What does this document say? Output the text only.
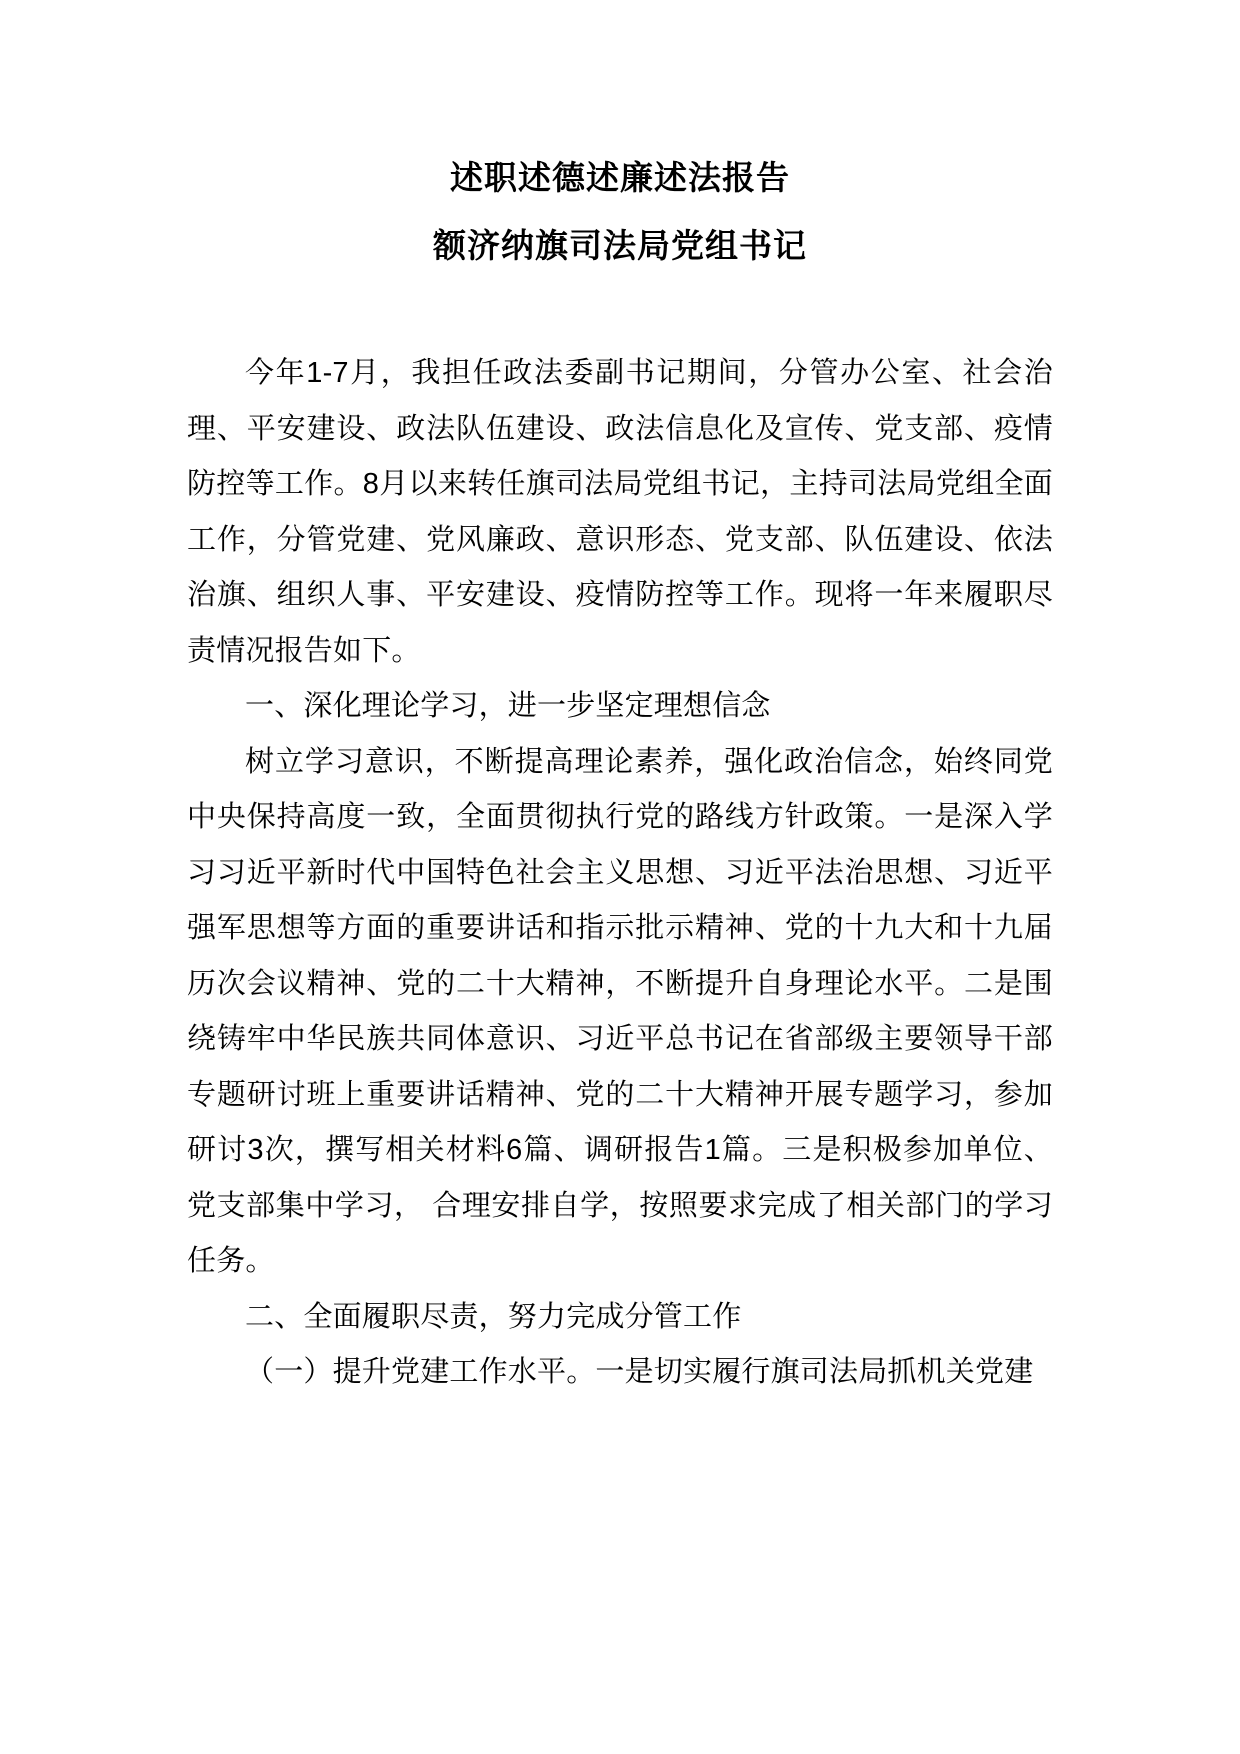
述职述德述廉述法报告
额济纳旗司法局党组书记

今年1-7月，我担任政法委副书记期间，分管办公室、社会治理、平安建设、政法队伍建设、政法信息化及宣传、党支部、疫情防控等工作。8月以来转任旗司法局党组书记，主持司法局党组全面工作，分管党建、党风廉政、意识形态、党支部、队伍建设、依法治旗、组织人事、平安建设、疫情防控等工作。现将一年来履职尽责情况报告如下。

一、深化理论学习，进一步坚定理想信念

树立学习意识，不断提高理论素养，强化政治信念，始终同党中央保持高度一致，全面贯彻执行党的路线方针政策。一是深入学习习近平新时代中国特色社会主义思想、习近平法治思想、习近平强军思想等方面的重要讲话和指示批示精神、党的十九大和十九届历次会议精神、党的二十大精神，不断提升自身理论水平。二是围绕铸牢中华民族共同体意识、习近平总书记在省部级主要领导干部专题研讨班上重要讲话精神、党的二十大精神开展专题学习，参加研讨3次，撰写相关材料6篇、调研报告1篇。三是积极参加单位、党支部集中学习， 合理安排自学，按照要求完成了相关部门的学习任务。

二、全面履职尽责，努力完成分管工作

（一）提升党建工作水平。一是切实履行旗司法局抓机关党建
